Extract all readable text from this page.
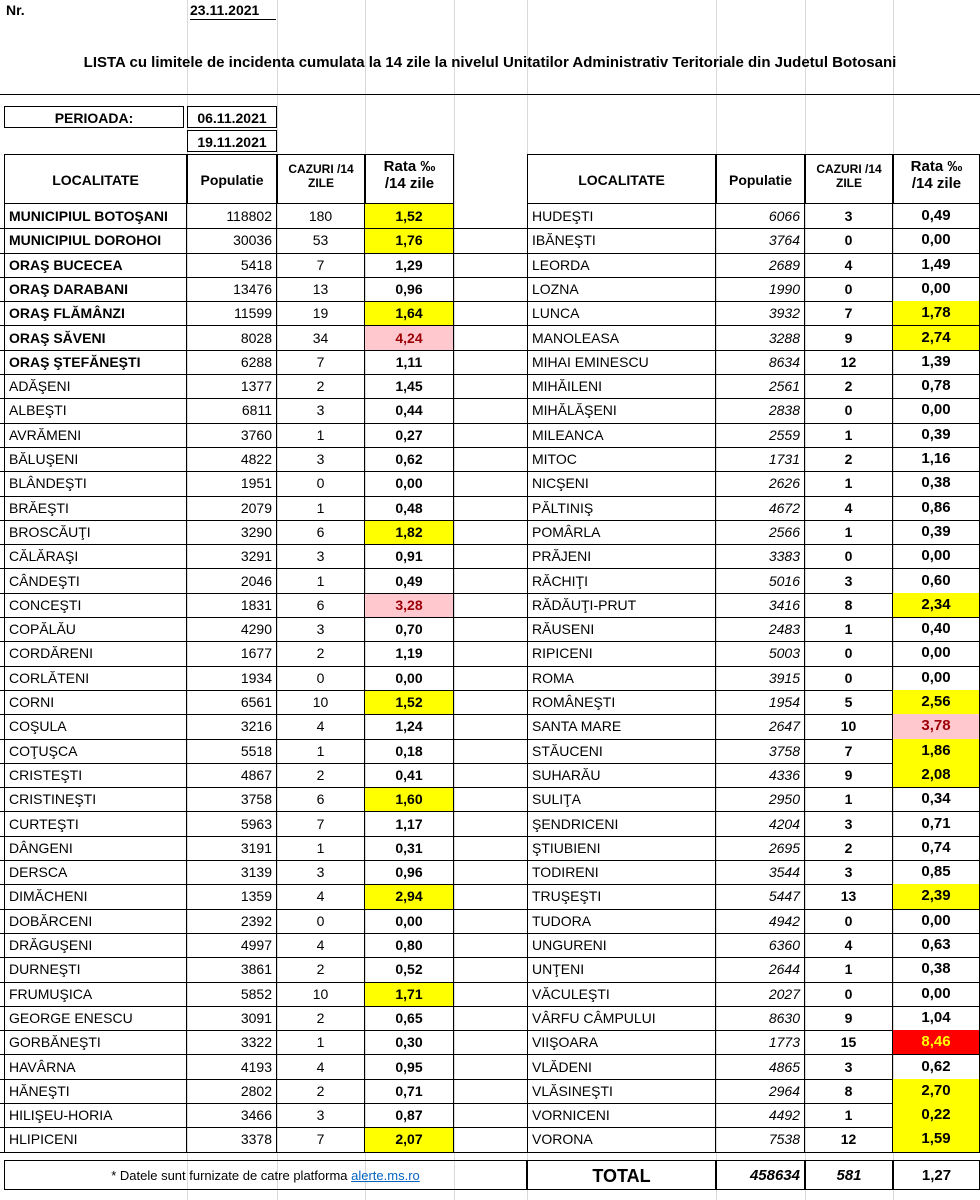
Nr.	23.11.2021
LISTA cu limitele de incidenta cumulata la 14 zile la nivelul Unitatilor Administrativ Teritoriale din Judetul Botosani
PERIOADA:	06.11.2021
19.11.2021
LOCALITATE	Populatie
CAZURI /14
ZILE
Rata ‰
/14 zile	LOCALITATE	Populatie
CAZURI /14
ZILE
Rata ‰
/14 zile
MUNICIPIUL BOTOŞANI	118802	180	1,52
MUNICIPIUL DOROHOI	30036	53	1,76
ORAŞ BUCECEA	5418	7	1,29
ORAŞ DARABANI	13476	13	0,96
ORAŞ FLĂMÂNZI	11599	19	1,64
ORAŞ SĂVENI	8028	34	4,24
ORAŞ ŞTEFĂNEŞTI	6288	7	1,11
ADĂŞENI	1377	2	1,45
ALBEŞTI	6811	3	0,44
AVRĂMENI	3760	1	0,27
BĂLUŞENI	4822	3	0,62
BLÂNDEŞTI	1951	0	0,00
BRĂEŞTI	2079	1	0,48
BROSCĂUŢI	3290	6	1,82
CĂLĂRAŞI	3291	3	0,91
CÂNDEŞTI	2046	1	0,49
CONCEŞTI	1831	6	3,28
COPĂLĂU	4290	3	0,70
CORDĂRENI	1677	2	1,19
CORLĂTENI	1934	0	0,00
CORNI	6561	10	1,52
COŞULA	3216	4	1,24
COŢUŞCA	5518	1	0,18
CRISTEŞTI	4867	2	0,41
CRISTINEŞTI	3758	6	1,60
CURTEŞTI	5963	7	1,17
DÂNGENI	3191	1	0,31
DERSCA	3139	3	0,96
DIMĂCHENI	1359	4	2,94
DOBĂRCENI	2392	0	0,00
DRĂGUŞENI	4997	4	0,80
DURNEŞTI	3861	2	0,52
FRUMUŞICA	5852	10	1,71
GEORGE ENESCU	3091	2	0,65
GORBĂNEŞTI	3322	1	0,30
HAVÂRNA	4193	4	0,95
HĂNEŞTI	2802	2	0,71
HILIŞEU-HORIA	3466	3	0,87
HLIPICENI	3378	7	2,07
HUDEŞTI	6066	3	0,49
IBĂNEŞTI	3764	0	0,00
LEORDA	2689	4	1,49
LOZNA	1990	0	0,00
LUNCA	3932	7	1,78
MANOLEASA	3288	9	2,74
MIHAI EMINESCU	8634	12	1,39
MIHĂILENI	2561	2	0,78
MIHĂLĂŞENI	2838	0	0,00
MILEANCA	2559	1	0,39
MITOC	1731	2	1,16
NICŞENI	2626	1	0,38
PĂLTINIŞ	4672	4	0,86
POMÂRLA	2566	1	0,39
PRĂJENI	3383	0	0,00
RĂCHIŢI	5016	3	0,60
RĂDĂUŢI-PRUT	3416	8	2,34
RĂUSENI	2483	1	0,40
RIPICENI	5003	0	0,00
ROMA	3915	0	0,00
ROMÂNEŞTI	1954	5	2,56
SANTA MARE	2647	10	3,78
STĂUCENI	3758	7	1,86
SUHARĂU	4336	9	2,08
SULIŢA	2950	1	0,34
ŞENDRICENI	4204	3	0,71
ŞTIUBIENI	2695	2	0,74
TODIRENI	3544	3	0,85
TRUŞEŞTI	5447	13	2,39
TUDORA	4942	0	0,00
UNGURENI	6360	4	0,63
UNŢENI	2644	1	0,38
VĂCULEŞTI	2027	0	0,00
VÂRFU CÂMPULUI	8630	9	1,04
VIIŞOARA	1773	15	8,46
VLĂDENI	4865	3	0,62
VLĂSINEŞTI	2964	8	2,70
VORNICENI	4492	1	0,22
VORONA	7538	12	1,59
* Datele sunt furnizate de catre platforma alerte.ms.ro	TOTAL	458634	581	1,27
